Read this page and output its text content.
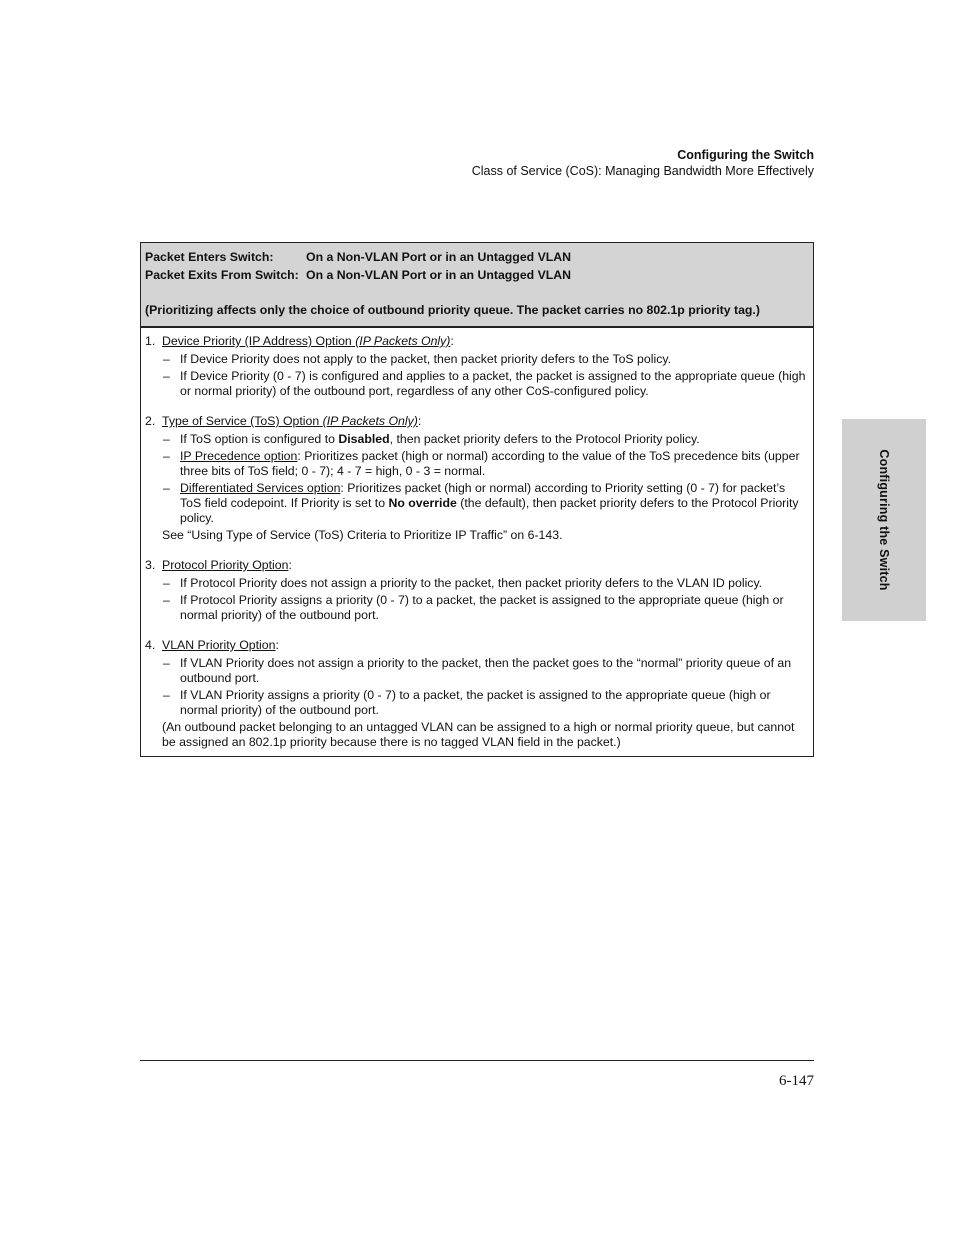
Configuring the Switch
Class of Service (CoS): Managing Bandwidth More Effectively
Configuring the Switch
Packet Enters Switch:	On a Non-VLAN Port or in an Untagged VLAN
Packet Exits From Switch: On a Non-VLAN Port or in an Untagged VLAN
(Prioritizing affects only the choice of outbound priority queue. The packet carries no 802.1p priority tag.)
1. Device Priority (IP Address) Option (IP Packets Only):
– If Device Priority does not apply to the packet, then packet priority defers to the ToS policy.
– If Device Priority (0 - 7) is configured and applies to a packet, the packet is assigned to the appropriate queue (high or normal priority) of the outbound port, regardless of any other CoS-configured policy.
2. Type of Service (ToS) Option (IP Packets Only):
– If ToS option is configured to Disabled, then packet priority defers to the Protocol Priority policy.
– IP Precedence option: Prioritizes packet (high or normal) according to the value of the ToS precedence bits (upper three bits of ToS field; 0 - 7); 4 - 7 = high, 0 - 3 = normal.
– Differentiated Services option: Prioritizes packet (high or normal) according to Priority setting (0 - 7) for packet’s ToS field codepoint. If Priority is set to No override (the default), then packet priority defers to the Protocol Priority policy.
See “Using Type of Service (ToS) Criteria to Prioritize IP Traffic” on 6-143.
3. Protocol Priority Option:
– If Protocol Priority does not assign a priority to the packet, then packet priority defers to the VLAN ID policy.
– If Protocol Priority assigns a priority (0 - 7) to a packet, the packet is assigned to the appropriate queue (high or normal priority) of the outbound port.
4. VLAN Priority Option:
– If VLAN Priority does not assign a priority to the packet, then the packet goes to the “normal” priority queue of an outbound port.
– If VLAN Priority assigns a priority (0 - 7) to a packet, the packet is assigned to the appropriate queue (high or normal priority) of the outbound port.
(An outbound packet belonging to an untagged VLAN can be assigned to a high or normal priority queue, but cannot be assigned an 802.1p priority because there is no tagged VLAN field in the packet.)
6-147
